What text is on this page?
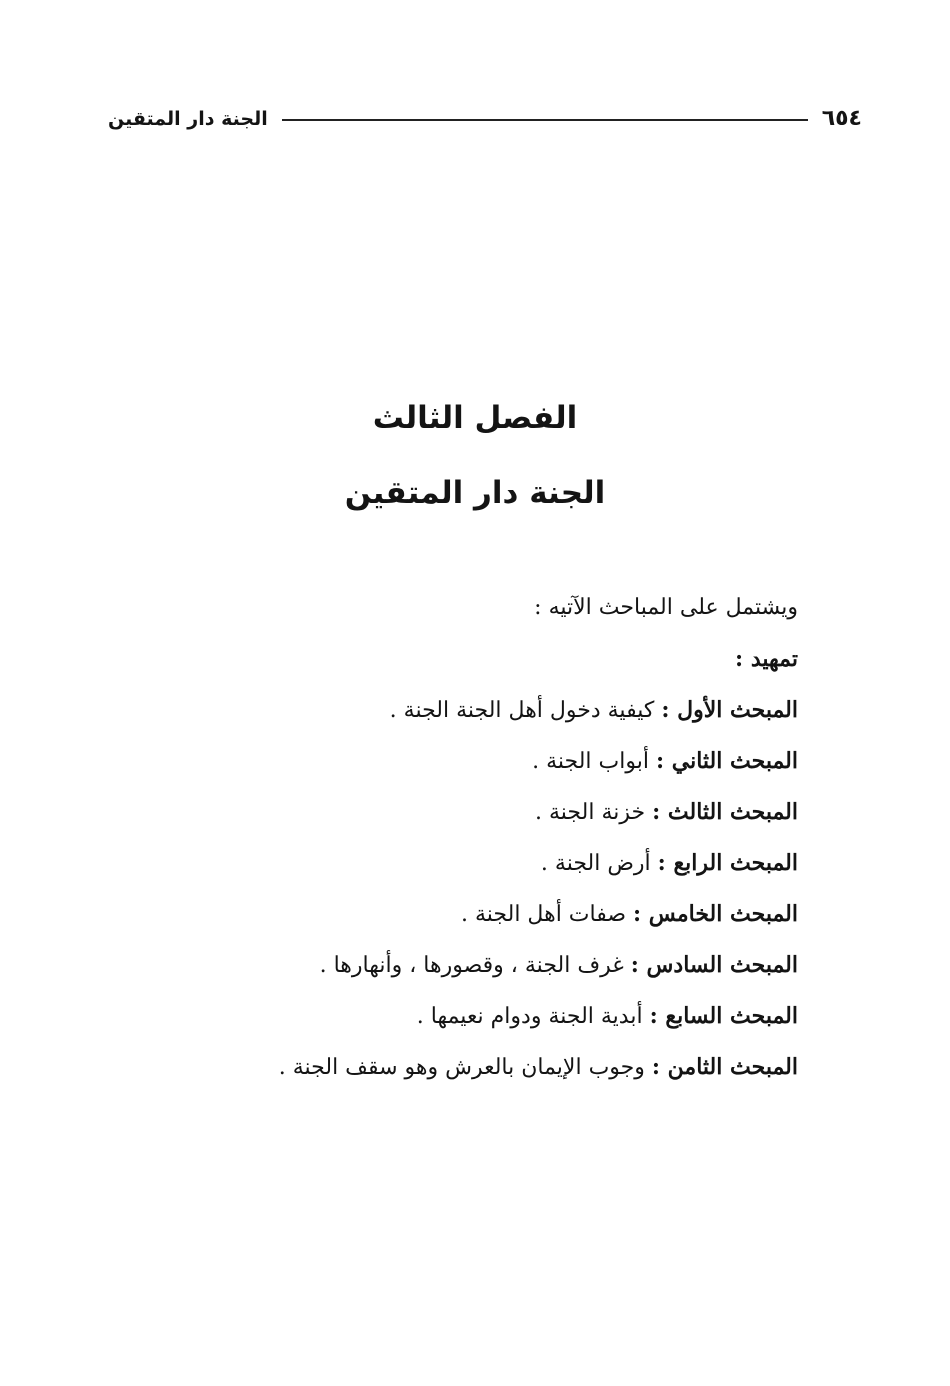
٦٥٤
الجنة دار المتقين
الفصل الثالث
الجنة دار المتقين
ويشتمل على المباحث الآتيه :
تمهيد :
المبحث الأول : كيفية دخول أهل الجنة الجنة .
المبحث الثاني : أبواب الجنة .
المبحث الثالث : خزنة الجنة .
المبحث الرابع : أرض الجنة .
المبحث الخامس : صفات أهل الجنة .
المبحث السادس : غرف الجنة ، وقصورها ، وأنهارها .
المبحث السابع : أبدية الجنة ودوام نعيمها .
المبحث الثامن : وجوب الإيمان بالعرش وهو سقف الجنة .
